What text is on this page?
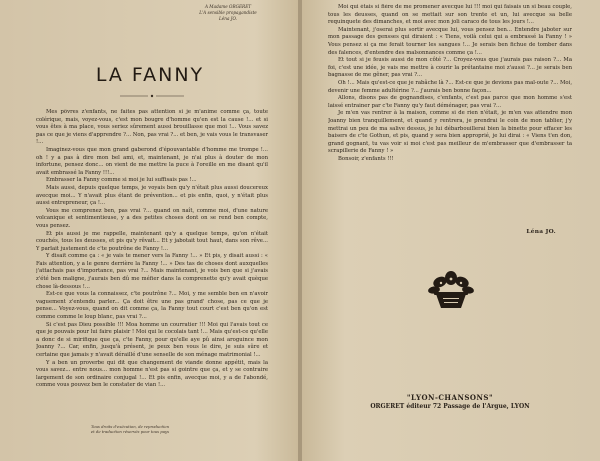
A Madame ORGERET
L'A sensible propagandiste
Léna JO.
LA FANNY

Mes pôvres z'enfants, ne faites pas attention si je m'anime comme ça, toute colérique, mais, voyez-vous, c'est mon bougre d'homme qu'en est la cause !... et si vous êtes à ma place, vous seriez sûrement aussi brouillasse que moi !... Vous savez pas ce que je viens d'apprendre ?... Non, pas vrai ?... et ben, je vais vous le transvaser !...

Imaginez-vous que mon grand gaberond d'épouvantable d'homme me trompe !... oh ! y a pas à dire mon bel ami, et, maintenant, je n'ai plus à douter de mon infortune, pensez donc... on vient de me mettre la puce à l'oreille en me disant qu'il avait embrassé la Fanny !!!...

Embrasser la Fanny comme si moi je lui suffisais pas !...

Mais aussi, depuis quelque temps, je voyais ben qu'y n'était plus aussi doucereux avecque moi... Y n'avait plus étant de prévention... et pis enfin, quoi, y n'était plus aussi entrepreneur, ça !...

Vous me comprenez ben, pas vrai ?... quand on naît, comme moi, d'une nature volcanique et sentimentieuse, y a des petites choses dont on se rend ben compte, vous pensez.

Et pis aussi je me rappelle, maintenant qu'y a quelque temps, qu'on n'était couchés, tous les deusses, et pis qu'y rêvait... Et y jabotait tout haut, dans son rêve... Y parlait justement de c'te poutrône de Fanny !...

Y disait comme ça : « je vais te mener vers la Fanny !... » Et pis, y disait aussi : « Fais attention, y a le genre derrière la Fanny !... » Des tas de choses dont auxquelles j'attachais pas d'importance, pas vrai ?... Mais maintenant, je vois ben que si j'avais z'été ben maligne, j'aurais ben dû me méfier dans la comprenette qu'y avait quèque chose là-dessous !...

Est-ce que vous la connaissez, c'te poutrône ?... Moi, y me semble ben en n'avoir vaguement z'entendu parler... Ça doit être une pas grand' chose, pas ce que je pense... Voyez-vous, quand on dit comme ça, la Fanny tout court c'est ben qu'on est comme comme le loup blanc, pas vrai ?...

Si c'est pas Dieu possible !!! Moa homme un courratier !!! Moi qui l'avais tout ce que je pouvais pour lui faire plaisir ! Moi qui le cocolais tant !... Mais qu'est-ce qu'elle a donc de si mirifique que ça, c'te Fanny, pour qu'elle aye pû ainsi aroguince mon Joanny ?... Car, enfin, jusqu'à présent, je peux ben vous le dire, je suis sûre et certaine que jamais y n'avait déraillé d'une senselle de son ménage matrimonial !...

Y a ben un proverbe qui dit que changement de viande donne appétit, mais la vous savez... entre nous... mon homme n'est pas si gointre que ça, et y se contraire largement de son ordinaire conjugal !... Et pis enfin, avecque moi, y a de l'abondé, comme vous pouvez ben le constater de vian !...

Tous droits d'exécution, de reproduction
et de traduction réservés pour tous pays

Moi qui étais si fière de me promener avecque lui !!! moi qui faisais un si beau couple, tous les deusses, quand on se mettait sur son trente et un, lui avecque sa belle requinquete des dimanches, et moi avec mon joli caraco de tous les jours !...

Maintenant, j'oserai plus sortir avecque lui, vous pensez ben... Entendre jaboter sur mon passage des gensses qui diraient : « Tiens, voilà celui qui a embrassé la Fanny ! » Vous pensez si ça me ferait tourner les sangues !... Je serais ben fichue de tomber dans des falences, d'entendre des malsonnances comme ça !...

Et tout si je feusis aussi de mon côté ?... Croyez-vous que j'aurais pas raison ?... Ma foi, c'est une idée, je vais me mettre à courir la prétantaine moi z'aussi ?... je serais ben bagnasse de me gêner, pas vrai ?...

Oh !... Mais qu'est-ce que je rabâche là ?... Est-ce que je devions pas mal-oute ?... Moi, devenir une femme adultérine ?... j'aurais ben bonne façon...

Allons, disons pas de gognandises, c'enfants, c'est pas parce que mon homme s'est laissé entrainer par c'te Fanny qu'y faut déménager, pas vrai ?...

Je m'en vas rentrer à la maison, comme si de rien n'était, je m'en vas attendre mon Joanny bien tranquillement, et quand y rentrera, je prendrai le coin de mon tablier, j'y mettrai un peu de ma salive dessus, je lui débarbouillerai bien la binette pour effacer les baisers de c'te Gothun, et pis, quand y sera bien approprié, je lui dirai : « Viens t'en don, grand gognant, tu vas voir si moi c'est pas meilleur de m'embrasser que d'embrasser ta scrapillerie de Fanny ! »

Bonsoir, z'enfants !!!

Léna JO.
"LYON-CHANSONS"
ORGERET éditeur 72 Passage de l'Argue, LYON
